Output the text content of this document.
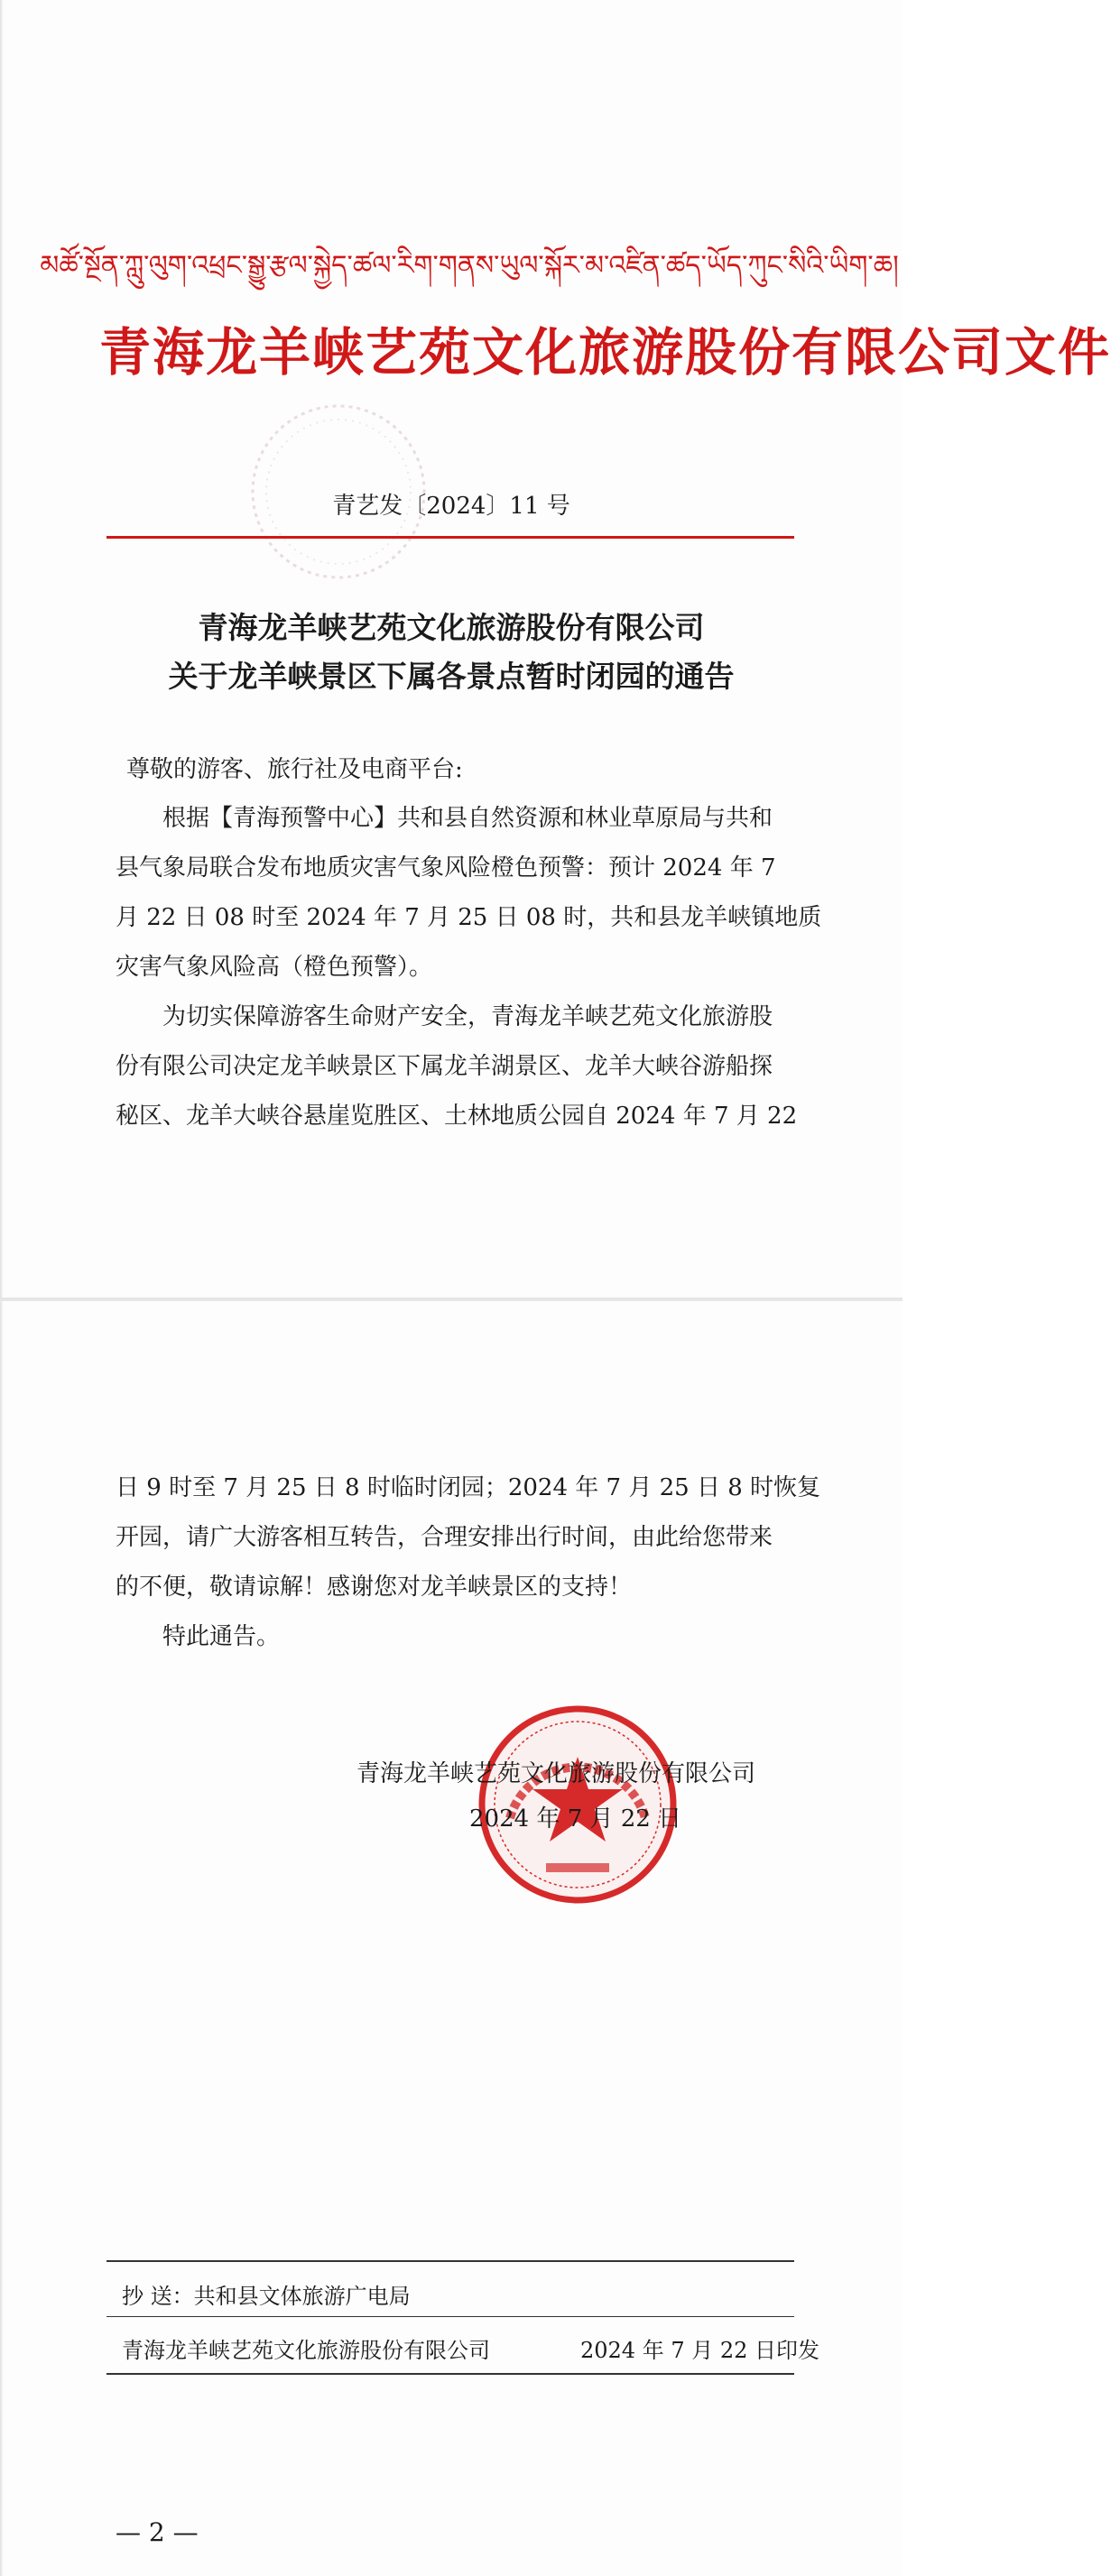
མཚོ་སྔོན་ཀླུ་ལུག་འཕྲང་སྒྱུ་རྩལ་སྐྱེད་ཚལ་རིག་གནས་ཡུལ་སྐོར་མ་འཛིན་ཚད་ཡོད་ཀུང་སིའི་ཡིག་ཆ།
青海龙羊峡艺苑文化旅游股份有限公司文件
青艺发〔2024〕11 号
青海龙羊峡艺苑文化旅游股份有限公司
关于龙羊峡景区下属各景点暂时闭园的通告
尊敬的游客、旅行社及电商平台:
根据【青海预警中心】共和县自然资源和林业草原局与共和
县气象局联合发布地质灾害气象风险橙色预警：预计 2024 年 7
月 22 日 08 时至 2024 年 7 月 25 日 08 时，共和县龙羊峡镇地质
灾害气象风险高（橙色预警）。
为切实保障游客生命财产安全，青海龙羊峡艺苑文化旅游股
份有限公司决定龙羊峡景区下属龙羊湖景区、龙羊大峡谷游船探
秘区、龙羊大峡谷悬崖览胜区、土林地质公园自 2024 年 7 月 22
日 9 时至 7 月 25 日 8 时临时闭园；2024 年 7 月 25 日 8 时恢复
开园，请广大游客相互转告，合理安排出行时间，由此给您带来
的不便，敬请谅解！感谢您对龙羊峡景区的支持！
特此通告。
青海龙羊峡艺苑文化旅游股份有限公司
2024 年 7 月 22 日
抄 送：共和县文体旅游广电局
青海龙羊峡艺苑文化旅游股份有限公司	2024 年 7 月 22 日印发
— 2 —
